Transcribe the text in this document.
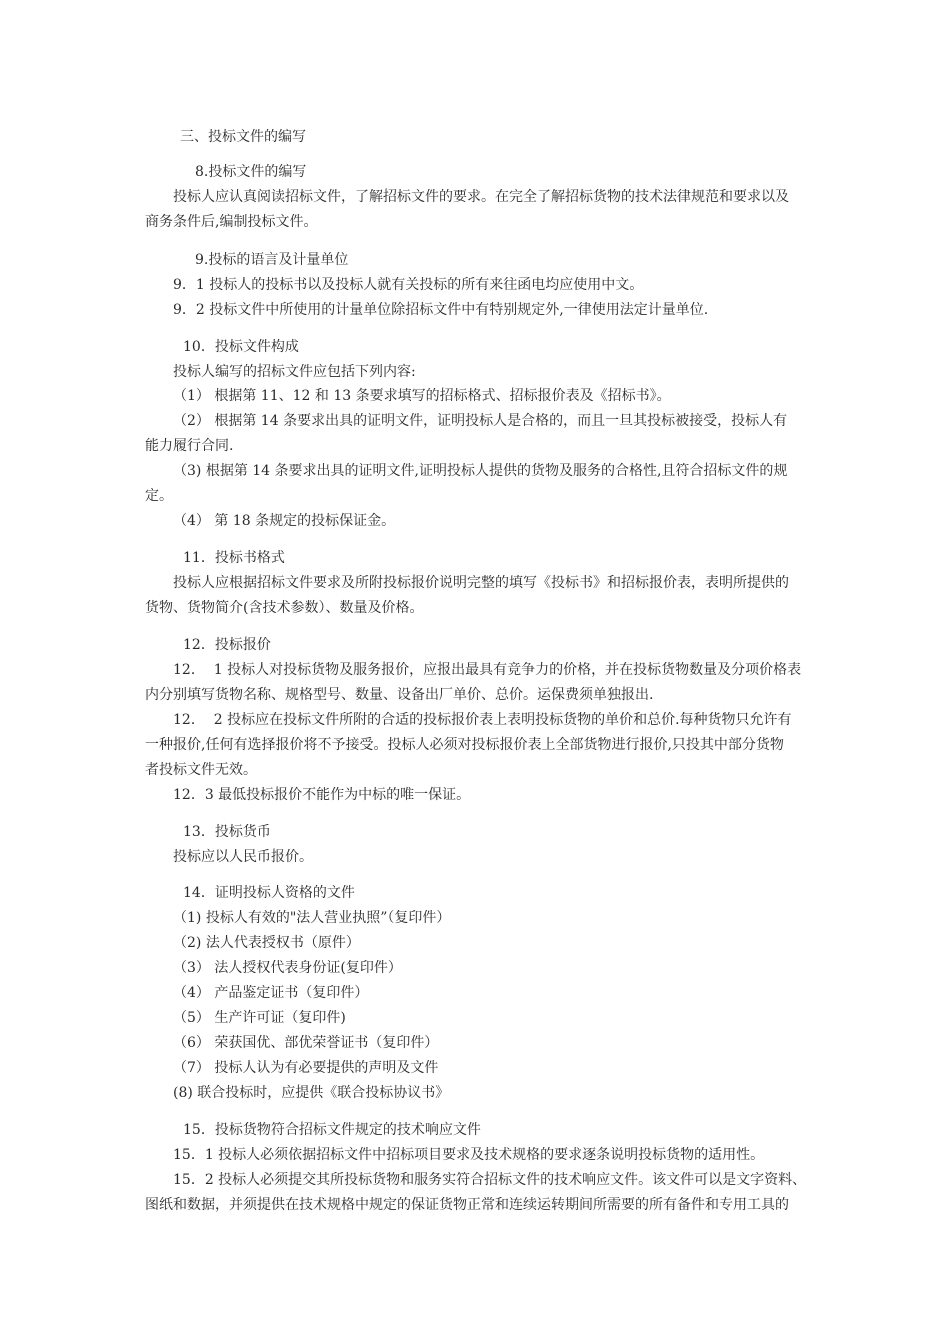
三、投标文件的编写
8.投标文件的编写
投标人应认真阅读招标文件，了解招标文件的要求。在完全了解招标货物的技术法律规范和要求以及
商务条件后,编制投标文件。
9.投标的语言及计量单位
9．1 投标人的投标书以及投标人就有关投标的所有来往函电均应使用中文。
9．2 投标文件中所使用的计量单位除招标文件中有特别规定外,一律使用法定计量单位.
10．投标文件构成
投标人编写的招标文件应包括下列内容:
（1） 根据第 11、12 和 13 条要求填写的招标格式、招标报价表及《招标书》。
（2） 根据第 14 条要求出具的证明文件，证明投标人是合格的，而且一旦其投标被接受，投标人有
能力履行合同.
（3) 根据第 14 条要求出具的证明文件,证明投标人提供的货物及服务的合格性,且符合招标文件的规
定。
（4） 第 18 条规定的投标保证金。
11．投标书格式
投标人应根据招标文件要求及所附投标报价说明完整的填写《投标书》和招标报价表，表明所提供的
货物、货物简介(含技术参数）、数量及价格。
12．投标报价
12．  1 投标人对投标货物及服务报价，应报出最具有竞争力的价格，并在投标货物数量及分项价格表
内分别填写货物名称、规格型号、数量、设备出厂单价、总价。运保费须单独报出.
12．  2 投标应在投标文件所附的合适的投标报价表上表明投标货物的单价和总价.每种货物只允许有
一种报价,任何有选择报价将不予接受。投标人必须对投标报价表上全部货物进行报价,只投其中部分货物
者投标文件无效。
12．3 最低投标报价不能作为中标的唯一保证。
13．投标货币
投标应以人民币报价。
14．证明投标人资格的文件
（1) 投标人有效的"法人营业执照”（复印件）
（2) 法人代表授权书（原件）
（3） 法人授权代表身份证(复印件）
（4） 产品鉴定证书（复印件）
（5） 生产许可证（复印件)
（6） 荣获国优、部优荣誉证书（复印件）
（7） 投标人认为有必要提供的声明及文件
(8) 联合投标时，应提供《联合投标协议书》
15．投标货物符合招标文件规定的技术响应文件
15．1 投标人必须依据招标文件中招标项目要求及技术规格的要求逐条说明投标货物的适用性。
15．2 投标人必须提交其所投标货物和服务实符合招标文件的技术响应文件。该文件可以是文字资料、
图纸和数据，并须提供在技术规格中规定的保证货物正常和连续运转期间所需要的所有备件和专用工具的
